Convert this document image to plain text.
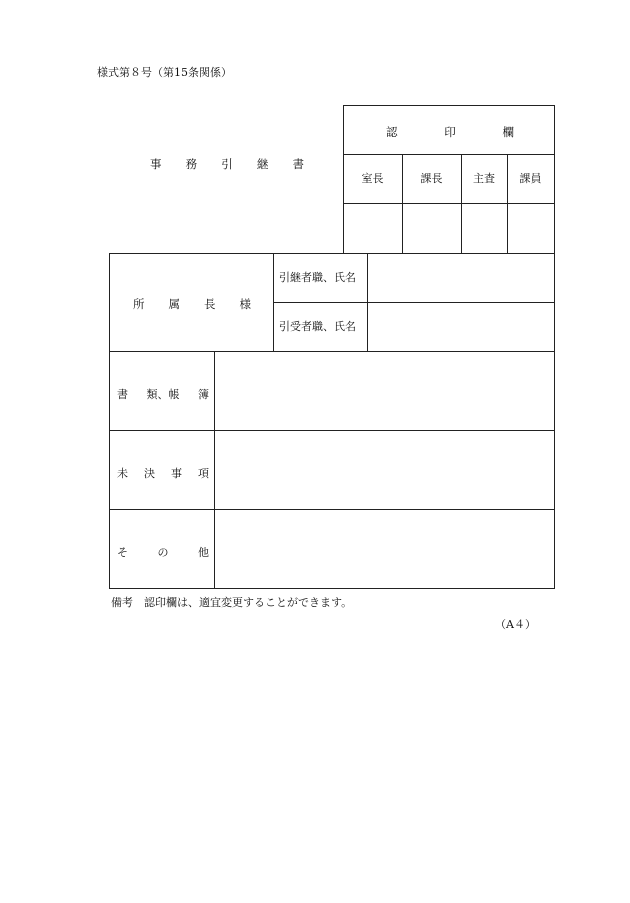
様式第８号（第15条関係）
事 務 引 継 書
認	印	欄
室長	課長	主査	課員
所 属 長 様
引継者職、氏名
引受者職、氏名
書 類、帳 簿
未 決 事 項
そ	の	他
備考　認印欄は、適宜変更することができます。
（A４）
